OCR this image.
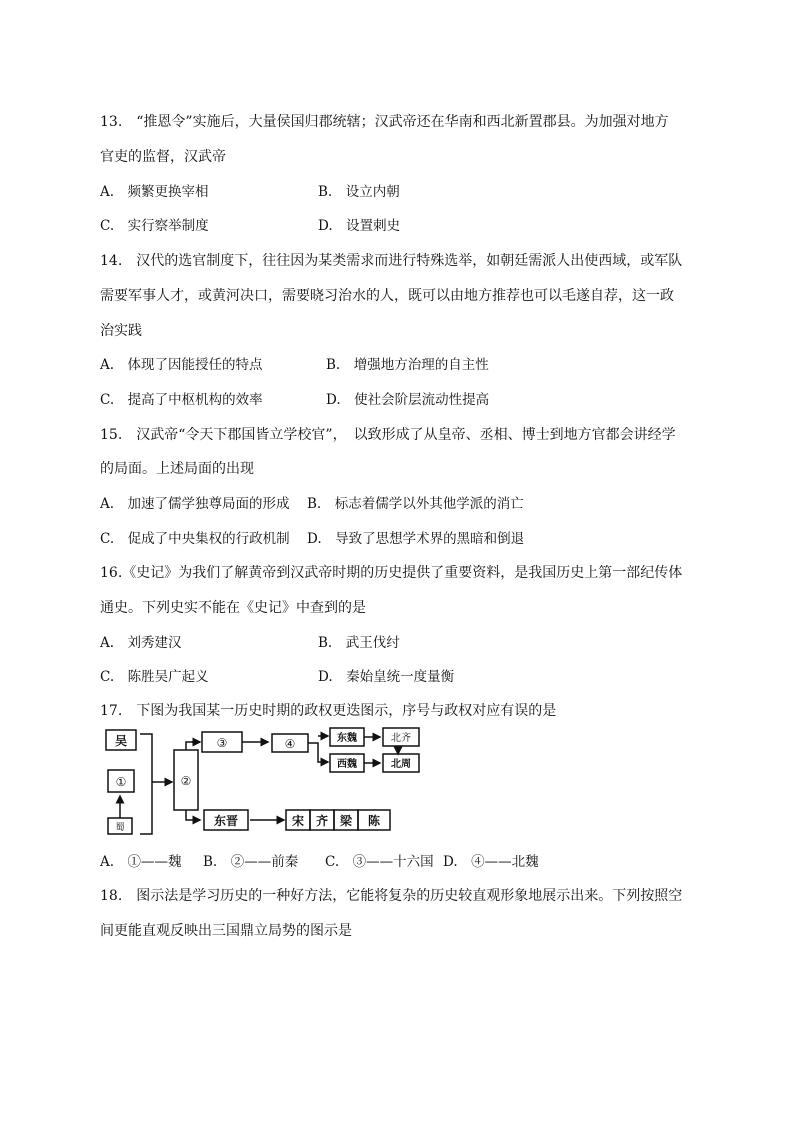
13.　“推恩令”实施后，大量侯国归郡统辖；汉武帝还在华南和西北新置郡县。为加强对地方
官吏的监督，汉武帝
A.　频繁更换宰相	B.　设立内朝
C.　实行察举制度	D.　设置刺史
14.　汉代的选官制度下，往往因为某类需求而进行特殊选举，如朝廷需派人出使西域，或军队
需要军事人才，或黄河决口，需要晓习治水的人，既可以由地方推荐也可以毛遂自荐，这一政
治实践
A.　体现了因能授任的特点	B.　增强地方治理的自主性
C.　提高了中枢机构的效率	D.　使社会阶层流动性提高
15.　汉武帝“令天下郡国皆立学校官”，　以致形成了从皇帝、丞相、博士到地方官都会讲经学
的局面。上述局面的出现
A.　加速了儒学独尊局面的形成 B.　标志着儒学以外其他学派的消亡
C.　促成了中央集权的行政机制 D.　导致了思想学术界的黑暗和倒退
16.《史记》为我们了解黄帝到汉武帝时期的历史提供了重要资料，是我国历史上第一部纪传体
通史。下列史实不能在《史记》中查到的是
A.　刘秀建汉	B.　武王伐纣
C.　陈胜吴广起义	D.　秦始皇统一度量衡
17.　下图为我国某一历史时期的政权更迭图示，序号与政权对应有误的是
吴
①
蜀
②
③	④	东魏
西魏
北齐
北周
东晋	宋 齐 梁 陈
A.　①——魏 B.　②——前秦 C.　③——十六国 D.　④——北魏
18.　图示法是学习历史的一种好方法，它能将复杂的历史较直观形象地展示出来。下列按照空
间更能直观反映出三国鼎立局势的图示是
